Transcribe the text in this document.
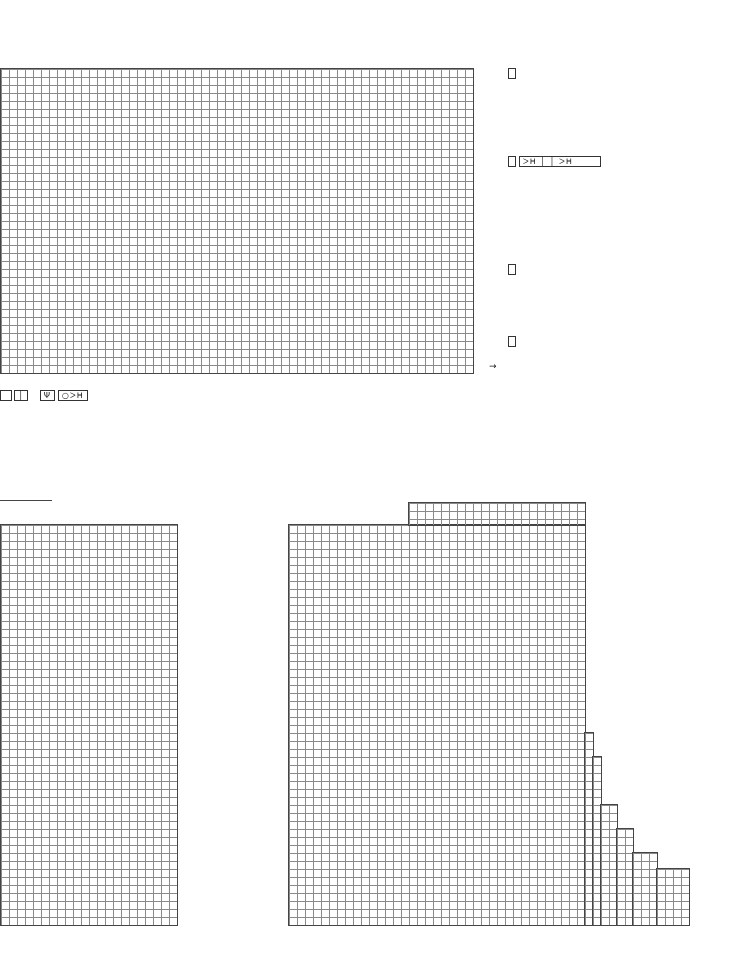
→
│ Ψ ○ᐳᕼ
ᐳᕼ │ │ ᐳᕼ
